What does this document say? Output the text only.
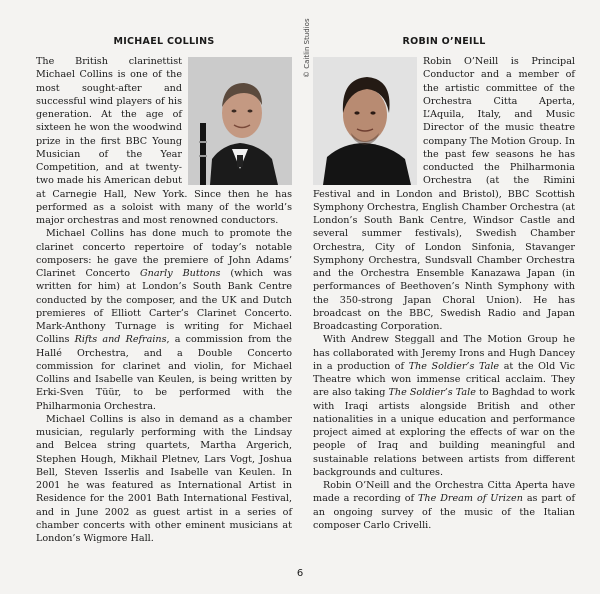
MICHAEL COLLINS

The British clarinettist Michael Collins is one of the most sought-after and successful wind players of his generation. At the age of sixteen he won the woodwind prize in the first BBC Young Musician of the Year Competition, and at twenty-two made his American debut at Carnegie Hall, New York. Since then he has performed as a soloist with many of the world’s major orchestras and most renowned conductors.

Michael Collins has done much to promote the clarinet concerto repertoire of today’s notable composers: he gave the premiere of John Adams’ Clarinet Concerto Gnarly Buttons (which was written for him) at London’s South Bank Centre conducted by the composer, and the UK and Dutch premieres of Elliott Carter’s Clarinet Concerto. Mark-Anthony Turnage is writing for Michael Collins Rifts and Refrains, a commission from the Hallé Orchestra, and a Double Concerto commission for clarinet and violin, for Michael Collins and Isabelle van Keulen, is being written by Erki-Sven Tüür, to be performed with the Philharmonia Orchestra.

Michael Collins is also in demand as a chamber musician, regularly performing with the Lindsay and Belcea string quartets, Martha Argerich, Stephen Hough, Mikhail Pletnev, Lars Vogt, Joshua Bell, Steven Isserlis and Isabelle van Keulen. In 2001 he was featured as International Artist in Residence for the 2001 Bath International Festival, and in June 2002 as guest artist in a series of chamber concerts with other eminent musicians at London’s Wigmore Hall.

© Caitlin Studios	ROBIN O’NEILL

Robin O’Neill is Principal Conductor and a member of the artistic committee of the Orchestra Citta Aperta, L’Aquila, Italy, and Music Director of the music theatre company The Motion Group. In the past few seasons he has conducted the Philharmonia Orchestra (at the Rimini Festival and in London and Bristol), BBC Scottish Symphony Orchestra, English Chamber Orchestra (at London’s South Bank Centre, Windsor Castle and several summer festivals), Swedish Chamber Orchestra, City of London Sinfonia, Stavanger Symphony Orchestra, Sundsvall Chamber Orchestra and the Orchestra Ensemble Kanazawa Japan (in performances of Beethoven’s Ninth Symphony with the 350-strong Japan Choral Union). He has broadcast on the BBC, Swedish Radio and Japan Broadcasting Corporation.

With Andrew Steggall and The Motion Group he has collaborated with Jeremy Irons and Hugh Dancey in a production of The Soldier’s Tale at the Old Vic Theatre which won immense critical acclaim. They are also taking The Soldier’s Tale to Baghdad to work with Iraqi artists alongside British and other nationalities in a unique education and performance project aimed at exploring the effects of war on the people of Iraq and building meaningful and sustainable relations between artists from different backgrounds and cultures.

Robin O’Neill and the Orchestra Citta Aperta have made a recording of The Dream of Urizen as part of an ongoing survey of the music of the Italian composer Carlo Crivelli.

6
